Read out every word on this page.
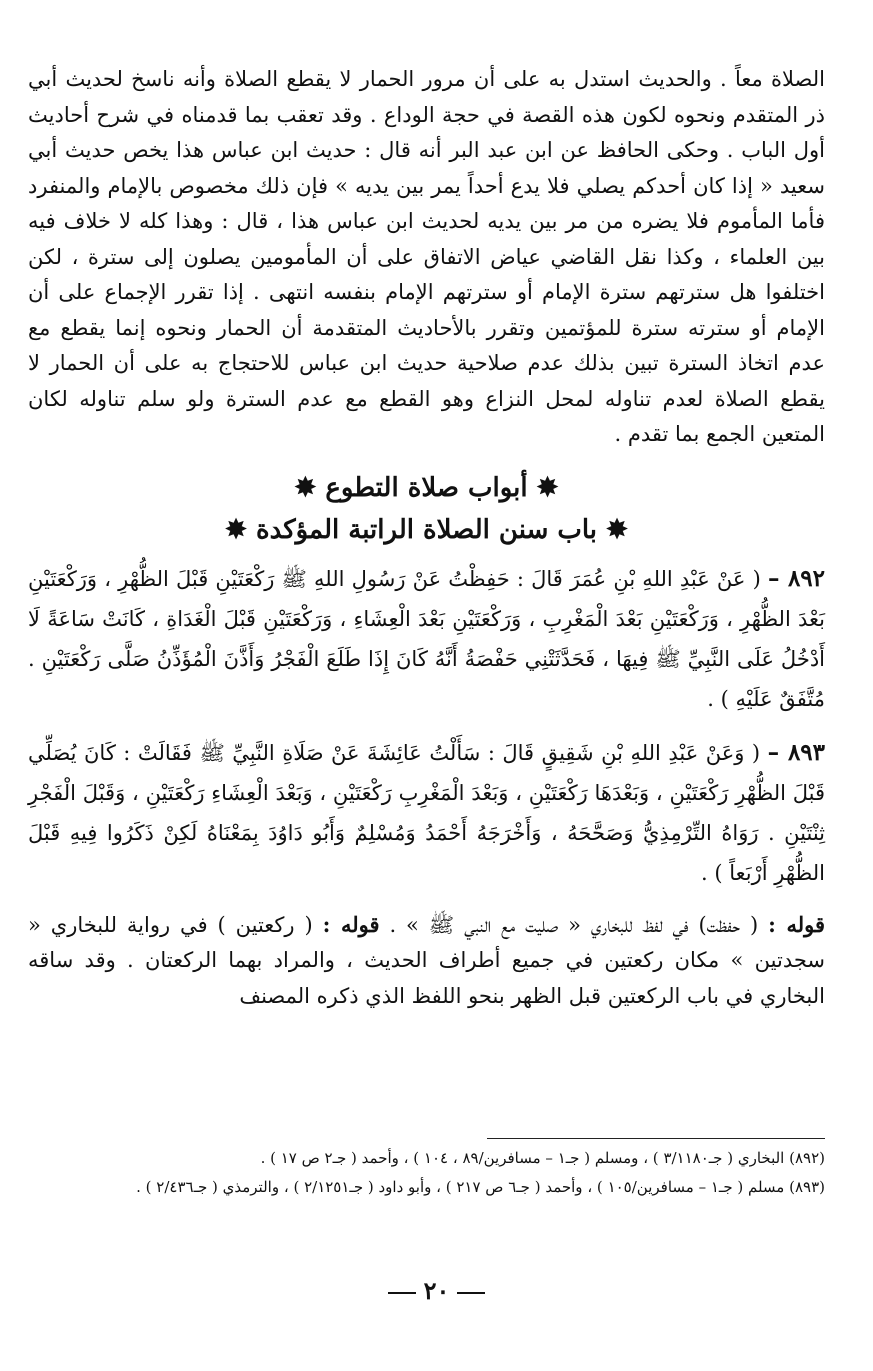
الصلاة معاً . والحديث استدل به على أن مرور الحمار لا يقطع الصلاة وأنه ناسخ لحديث أبي ذر المتقدم ونحوه لكون هذه القصة في حجة الوداع . وقد تعقب بما قدمناه في شرح أحاديث أول الباب . وحكى الحافظ عن ابن عبد البر أنه قال : حديث ابن عباس هذا يخص حديث أبي سعيد « إذا كان أحدكم يصلي فلا يدع أحداً يمر بين يديه » فإن ذلك مخصوص بالإمام والمنفرد فأما المأموم فلا يضره من مر بين يديه لحديث ابن عباس هذا ، قال : وهذا كله لا خلاف فيه بين العلماء ، وكذا نقل القاضي عياض الاتفاق على أن المأمومين يصلون إلى سترة ، لكن اختلفوا هل سترتهم سترة الإمام أو سترتهم الإمام بنفسه انتهى . إذا تقرر الإجماع على أن الإمام أو سترته سترة للمؤتمين وتقرر بالأحاديث المتقدمة أن الحمار ونحوه إنما يقطع مع عدم اتخاذ السترة تبين بذلك عدم صلاحية حديث ابن عباس للاحتجاج به على أن الحمار لا يقطع الصلاة لعدم تناوله لمحل النزاع وهو القطع مع عدم السترة ولو سلم تناوله لكان المتعين الجمع بما تقدم .

✸ أبواب صلاة التطوع ✸
✸ باب سنن الصلاة الراتبة المؤكدة ✸

٨٩٢ – ( عَنْ عَبْدِ اللهِ بْنِ عُمَرَ قَالَ : حَفِظْتُ عَنْ رَسُولِ اللهِ ﷺ رَكْعَتَيْنِ قَبْلَ الظُّهْرِ ، وَرَكْعَتَيْنِ بَعْدَ الظُّهْرِ ، وَرَكْعَتَيْنِ بَعْدَ الْمَغْرِبِ ، وَرَكْعَتَيْنِ بَعْدَ الْعِشَاءِ ، وَرَكْعَتَيْنِ قَبْلَ الْغَدَاةِ ، كَانَتْ سَاعَةً لَا أَدْخُلُ عَلَى النَّبِيِّ ﷺ فِيهَا ، فَحَدَّثَتْنِي حَفْصَةُ أَنَّهُ كَانَ إِذَا طَلَعَ الْفَجْرُ وَأَذَّنَ الْمُؤَذِّنُ صَلَّى رَكْعَتَيْنِ . مُتَّفَقٌ عَلَيْهِ ) .

٨٩٣ – ( وَعَنْ عَبْدِ اللهِ بْنِ شَقِيقٍ قَالَ : سَأَلْتُ عَائِشَةَ عَنْ صَلَاةِ النَّبِيِّ ﷺ فَقَالَتْ : كَانَ يُصَلِّي قَبْلَ الظُّهْرِ رَكْعَتَيْنِ ، وَبَعْدَهَا رَكْعَتَيْنِ ، وَبَعْدَ الْمَغْرِبِ رَكْعَتَيْنِ ، وَبَعْدَ الْعِشَاءِ رَكْعَتَيْنِ ، وَقَبْلَ الْفَجْرِ ثِنْتَيْنِ . رَوَاهُ التِّرْمِذِيُّ وَصَحَّحَهُ ، وَأَخْرَجَهُ أَحْمَدُ وَمُسْلِمٌ وَأَبُو دَاوُدَ بِمَعْنَاهُ لَكِنْ ذَكَرُوا فِيهِ قَبْلَ الظُّهْرِ أَرْبَعاً ) .

قوله : ( حفظت) في لفظ للبخاري « صليت مع النبي ﷺ » . قوله : ( ركعتين ) في رواية للبخاري « سجدتين » مكان ركعتين في جميع أطراف الحديث ، والمراد بهما الركعتان . وقد ساقه البخاري في باب الركعتين قبل الظهر بنحو اللفظ الذي ذكره المصنف

(٨٩٢) البخاري ( جـ٣/١١٨٠ ) ، ومسلم ( جـ١ – مسافرين/٨٩ ، ١٠٤ ) ، وأحمد ( جـ٢ ص ١٧ ) .

(٨٩٣) مسلم ( جـ١ – مسافرين/١٠٥ ) ، وأحمد ( جـ٦ ص ٢١٧ ) ، وأبو داود ( جـ٢/١٢٥١ ) ، والترمذي ( جـ٢/٤٣٦ ) .

٢٠
